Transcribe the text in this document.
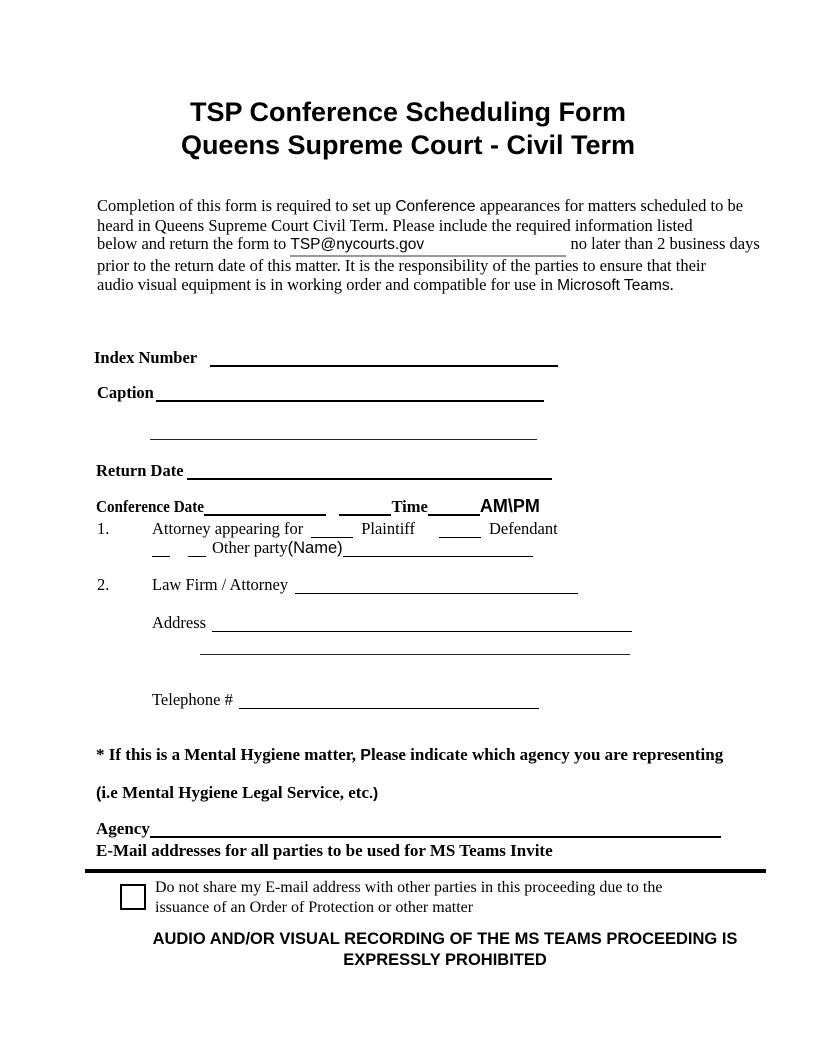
TSP Conference Scheduling Form
Queens Supreme Court - Civil Term
Completion of this form is required to set up Conference appearances for matters scheduled to be
heard in Queens Supreme Court Civil Term. Please include the required information listed
below and return the form to TSP@nycourts.gov	no later than 2 business days
prior to the return date of this matter. It is the responsibility of the parties to ensure that their
audio visual equipment is in working order and compatible for use in Microsoft Teams.
Index Number
Caption
Return Date
Conference Date	Time	AM\PM
1.	Attorney appearing for	Plaintiff	Defendant
Other party(Name)
2.	Law Firm / Attorney
Address
Telephone #
* If this is a Mental Hygiene matter, Please indicate which agency you are representing
(i.e Mental Hygiene Legal Service, etc.)
Agency
E-Mail addresses for all parties to be used for MS Teams Invite
Do not share my E-mail address with other parties in this proceeding due to the
issuance of an Order of Protection or other matter
AUDIO AND/OR VISUAL RECORDING OF THE MS TEAMS PROCEEDING IS
EXPRESSLY PROHIBITED
